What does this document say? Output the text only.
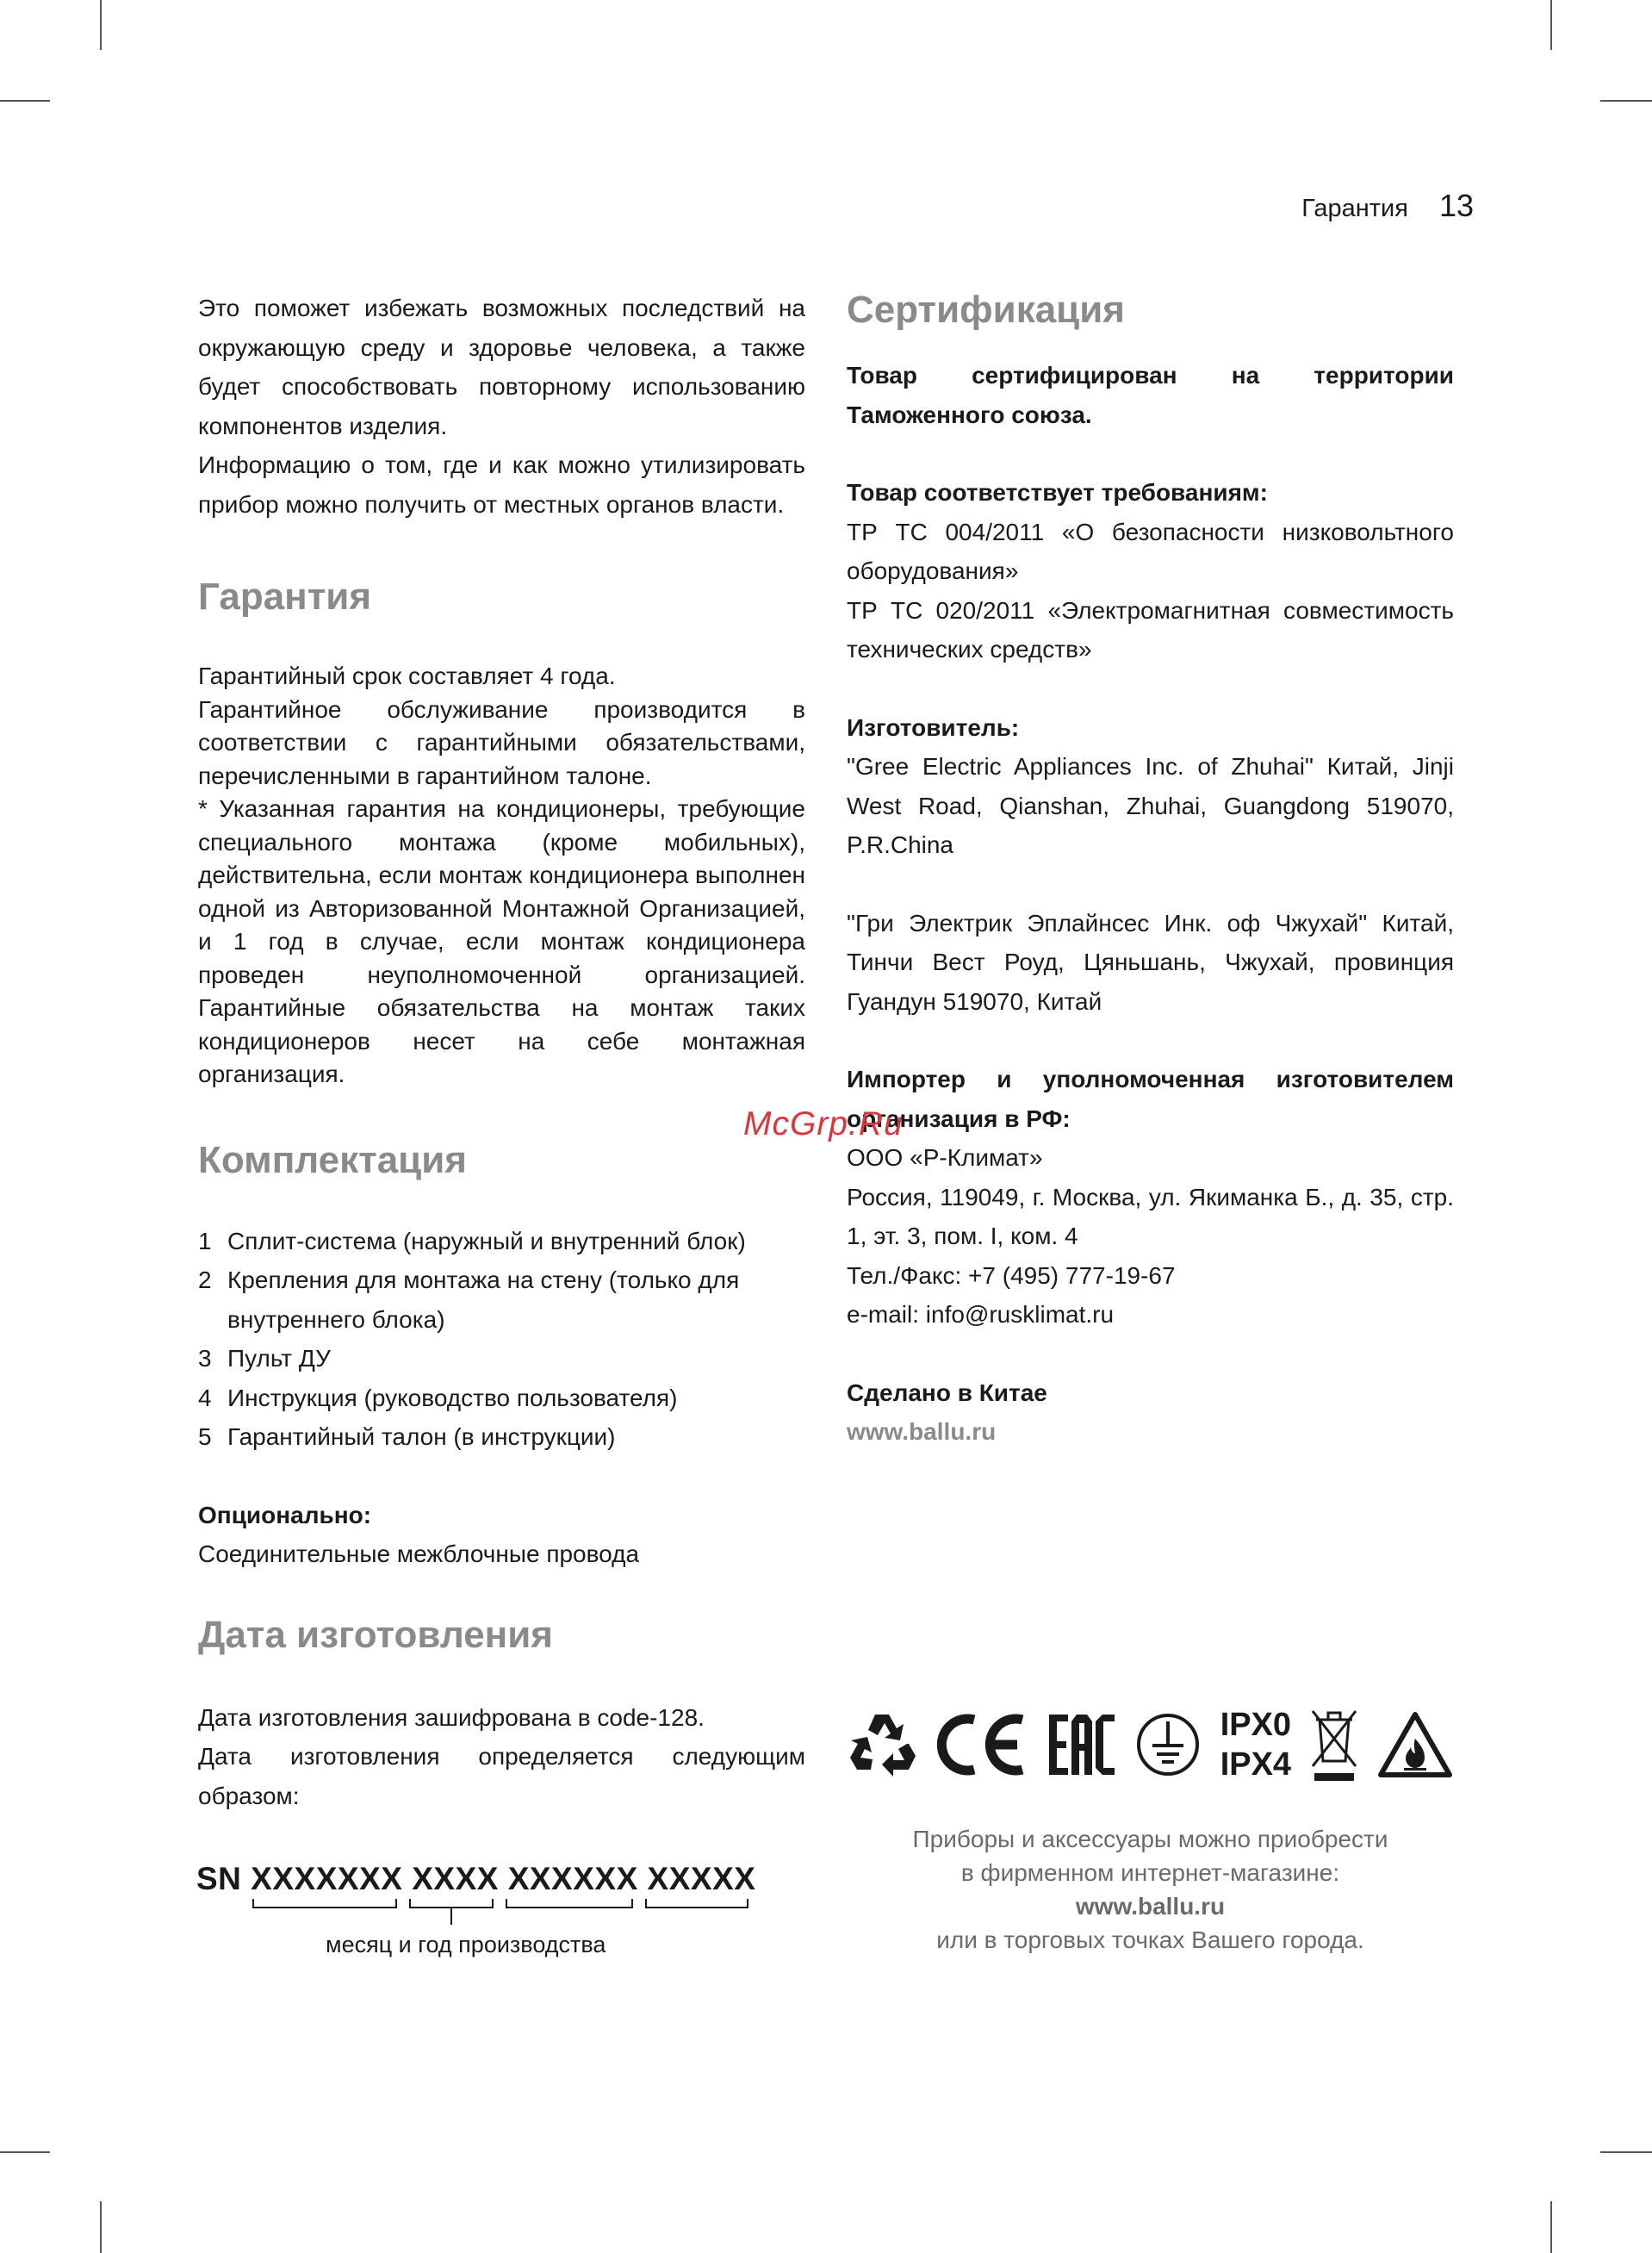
Гарантия 13

Это поможет избежать возможных последствий на окружающую среду и здоровье человека, а также будет способствовать повторному использованию компонентов изделия.

Информацию о том, где и как можно утилизировать прибор можно получить от местных органов власти.

Гарантия

Гарантийный срок составляет 4 года.

Гарантийное обслуживание производится в соответствии с гарантийными обязательствами, перечисленными в гарантийном талоне.

* Указанная гарантия на кондиционеры, требующие специального монтажа (кроме мобильных), действительна, если монтаж кондиционера выполнен одной из Авторизованной Монтажной Организацией, и 1 год в случае, если монтаж кондиционера проведен неуполномоченной организацией. Гарантийные обязательства на монтаж таких кондиционеров несет на себе монтажная организация.

Комплектация
1 Сплит-система (наружный и внутренний блок)
2 Крепления для монтажа на стену (только для внутреннего блока)
3 Пульт ДУ
4 Инструкция (руководство пользователя)
5 Гарантийный талон (в инструкции)

Опционально:

Соединительные межблочные провода

Дата изготовления

Дата изготовления зашифрована в code-128.

Дата изготовления определяется следующим образом:

SN XXXXXXX XXXX XXXXXX XXXXX
месяц и год производства
Сертификация

Товар сертифицирован на территории Таможенного союза.

Товар соответствует требованиям:

ТР ТС 004/2011 «О безопасности низковольтного оборудования»

ТР ТС 020/2011 «Электромагнитная совместимость технических средств»

Изготовитель:

"Gree Electric Appliances Inc. of Zhuhai" Китай, Jinji West Road, Qianshan, Zhuhai, Guangdong 519070, P.R.China

"Гри Электрик Эплайнсес Инк. оф Чжухай" Китай, Тинчи Вест Роуд, Цяньшань, Чжухай, провинция Гуандун 519070, Китай

Импортер и уполномоченная изготовителем организация в РФ:

ООО «Р-Климат»

Россия, 119049, г. Москва, ул. Якиманка Б., д. 35, стр. 1, эт. 3, пом. I, ком. 4

Тел./Факс: +7 (495) 777-19-67

e-mail: info@rusklimat.ru

Сделано в Китае

www.ballu.ru

IPX0
IPX4
Приборы и аксессуары можно приобрести
в фирменном интернет-магазине:
www.ballu.ru
или в торговых точках Вашего города.
McGrp.Ru
